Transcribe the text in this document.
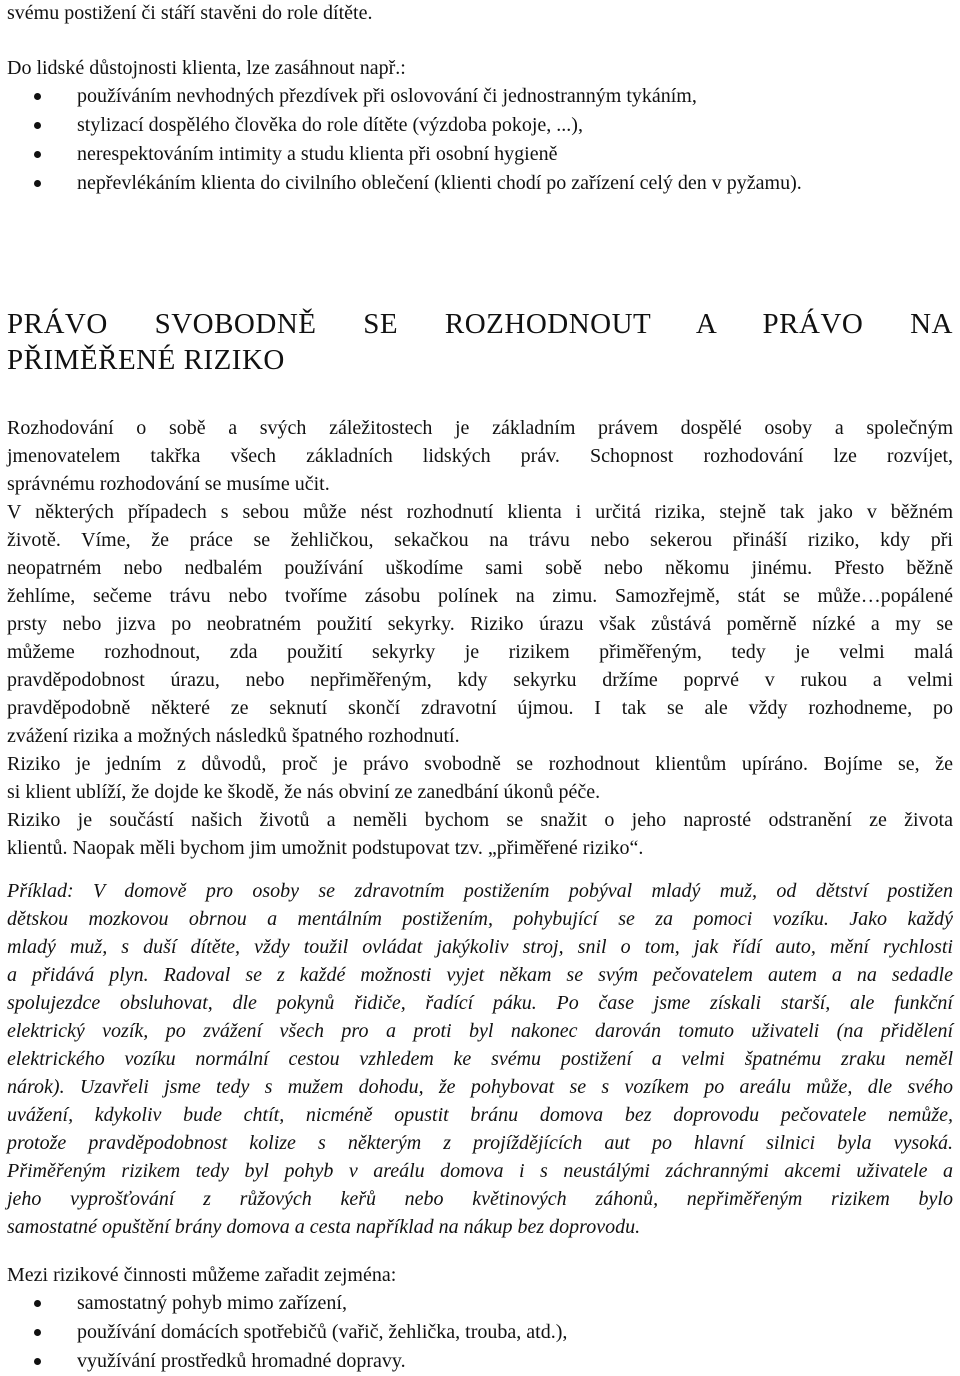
svému postižení či stáří stavěni do role dítěte.
Do lidské důstojnosti klienta, lze zasáhnout např.:
používáním nevhodných přezdívek při oslovování či jednostranným tykáním,
stylizací dospělého člověka do role dítěte (výzdoba pokoje, ...),
nerespektováním intimity a studu klienta při osobní hygieně
nepřevlékáním klienta do civilního oblečení (klienti chodí po zařízení celý den v pyžamu).
PRÁVO SVOBODNĚ SE ROZHODNOUT A PRÁVO NA
PŘIMĚŘENÉ RIZIKO
Rozhodování o sobě a svých záležitostech je základním právem dospělé osoby a společným
jmenovatelem takřka všech základních lidských práv. Schopnost rozhodování lze rozvíjet,
správnému rozhodování se musíme učit.
V některých případech s sebou může nést rozhodnutí klienta i určitá rizika, stejně tak jako v běžném
životě. Víme, že práce se žehličkou, sekačkou na trávu nebo sekerou přináší riziko, kdy při
neopatrném nebo nedbalém používání uškodíme sami sobě nebo někomu jinému. Přesto běžně
žehlíme, sečeme trávu nebo tvoříme zásobu polínek na zimu. Samozřejmě, stát se může…popálené
prsty nebo jizva po neobratném použití sekyrky. Riziko úrazu však zůstává poměrně nízké a my se
můžeme rozhodnout, zda použití sekyrky je rizikem přiměřeným, tedy je velmi malá
pravděpodobnost úrazu, nebo nepřiměřeným, kdy sekyrku držíme poprvé v rukou a velmi
pravděpodobně některé ze seknutí skončí zdravotní újmou. I tak se ale vždy rozhodneme, po
zvážení rizika a možných následků špatného rozhodnutí.
Riziko je jedním z důvodů, proč je právo svobodně se rozhodnout klientům upíráno. Bojíme se, že
si klient ublíží, že dojde ke škodě, že nás obviní ze zanedbání úkonů péče.
Riziko je součástí našich životů a neměli bychom se snažit o jeho naprosté odstranění ze života
klientů. Naopak měli bychom jim umožnit podstupovat tzv. „přiměřené riziko“.
Příklad: V domově pro osoby se zdravotním postižením pobýval mladý muž, od dětství postižen
dětskou mozkovou obrnou a mentálním postižením, pohybující se za pomoci vozíku. Jako každý
mladý muž, s duší dítěte, vždy toužil ovládat jakýkoliv stroj, snil o tom, jak řídí auto, mění rychlosti
a přidává plyn. Radoval se z každé možnosti vyjet někam se svým pečovatelem autem a na sedadle
spolujezdce obsluhovat, dle pokynů řidiče, řadící páku. Po čase jsme získali starší, ale funkční
elektrický vozík, po zvážení všech pro a proti byl nakonec darován tomuto uživateli (na přidělení
elektrického vozíku normální cestou vzhledem ke svému postižení a velmi špatnému zraku neměl
nárok). Uzavřeli jsme tedy s mužem dohodu, že pohybovat se s vozíkem po areálu může, dle svého
uvážení, kdykoliv bude chtít, nicméně opustit bránu domova bez doprovodu pečovatele nemůže,
protože pravděpodobnost kolize s některým z projíždějících aut po hlavní silnici byla vysoká.
Přiměřeným rizikem tedy byl pohyb v areálu domova i s neustálými záchrannými akcemi uživatele a
jeho vyprošťování z růžových keřů nebo květinových záhonů, nepřiměřeným rizikem bylo
samostatné opuštění brány domova a cesta například na nákup bez doprovodu.
Mezi rizikové činnosti můžeme zařadit zejména:
samostatný pohyb mimo zařízení,
používání domácích spotřebičů (vařič, žehlička, trouba, atd.),
využívání prostředků hromadné dopravy.
